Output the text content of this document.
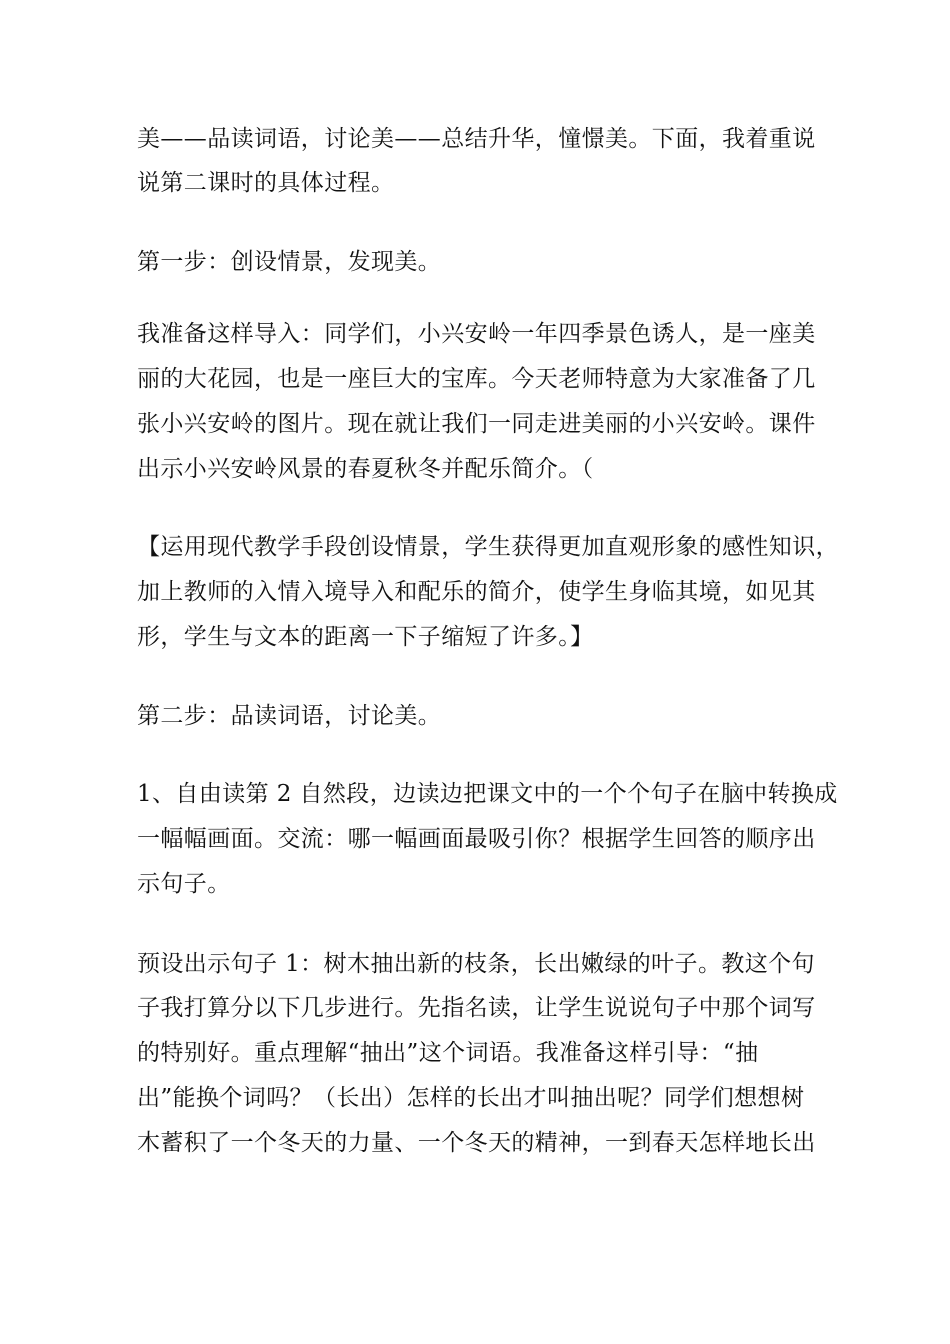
美——品读词语，讨论美——总结升华，憧憬美。下面，我着重说
说第二课时的具体过程。
第一步：创设情景，发现美。
我准备这样导入：同学们，小兴安岭一年四季景色诱人，是一座美
丽的大花园，也是一座巨大的宝库。今天老师特意为大家准备了几
张小兴安岭的图片。现在就让我们一同走进美丽的小兴安岭。课件
出示小兴安岭风景的春夏秋冬并配乐简介。（
【运用现代教学手段创设情景，学生获得更加直观形象的感性知识，
加上教师的入情入境导入和配乐的简介，使学生身临其境，如见其
形，学生与文本的距离一下子缩短了许多。】
第二步：品读词语，讨论美。
1、自由读第 2 自然段，边读边把课文中的一个个句子在脑中转换成
一幅幅画面。交流：哪一幅画面最吸引你？根据学生回答的顺序出
示句子。
预设出示句子 1：树木抽出新的枝条，长出嫩绿的叶子。教这个句
子我打算分以下几步进行。先指名读，让学生说说句子中那个词写
的特别好。重点理解“抽出”这个词语。我准备这样引导：“抽
出”能换个词吗？（长出）怎样的长出才叫抽出呢？同学们想想树
木蓄积了一个冬天的力量、一个冬天的精神，一到春天怎样地长出
